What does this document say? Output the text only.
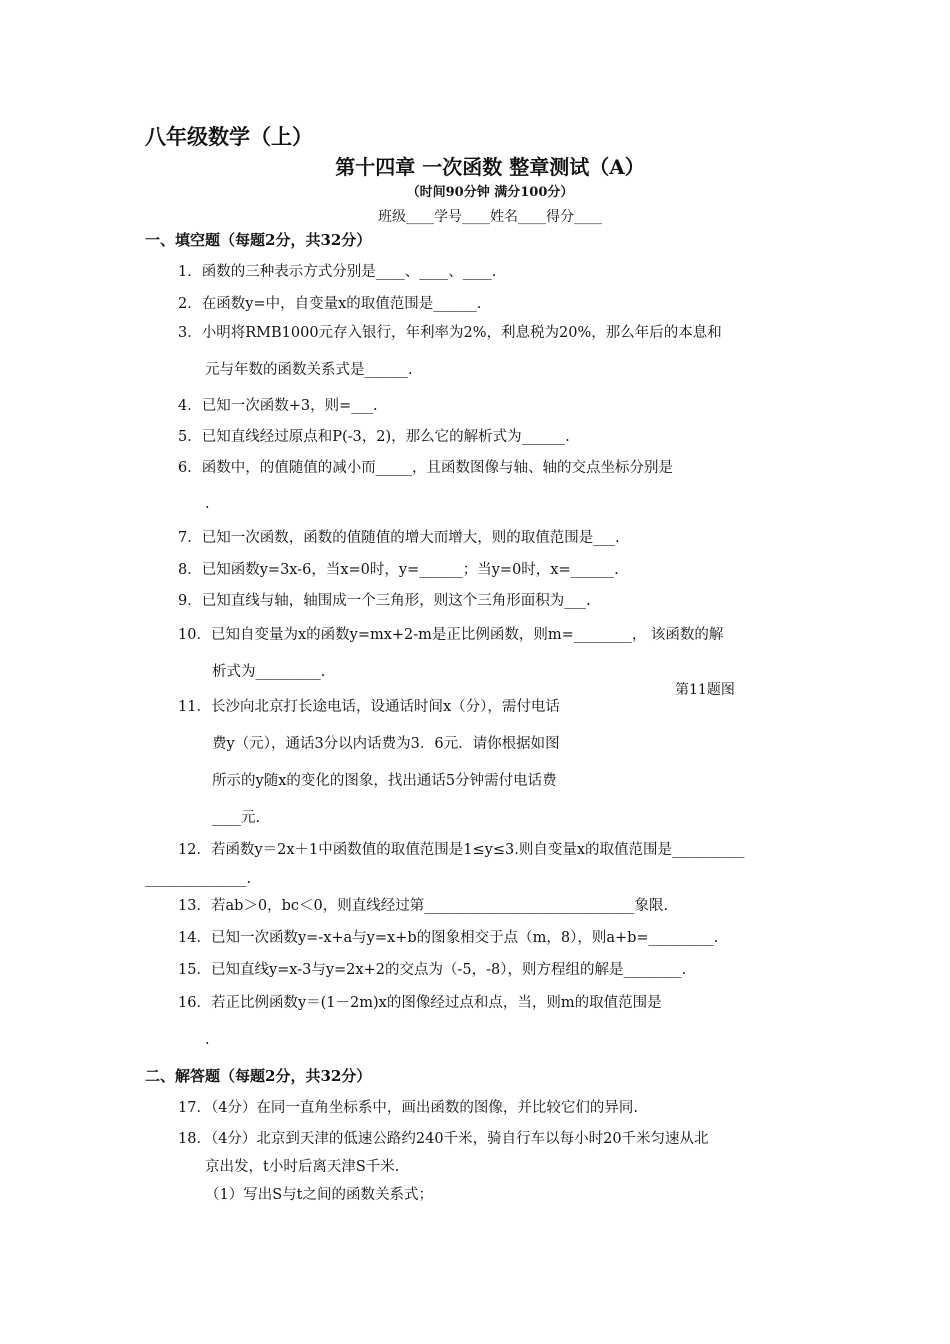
八年级数学（上）
第十四章 一次函数 整章测试（A）
（时间90分钟 满分100分）
班级____学号____姓名____得分____
一、填空题（每题2分，共32分）
1．函数的三种表示方式分别是____、____、____.
2．在函数y=中，自变量x的取值范围是______.
3．小明将RMB1000元存入银行，年利率为2%，利息税为20%，那么年后的本息和
元与年数的函数关系式是______.
4．已知一次函数+3，则=___.
5．已知直线经过原点和P(-3，2)，那么它的解析式为______.
6．函数中，的值随值的减小而_____，且函数图像与轴、轴的交点坐标分别是
.
7．已知一次函数，函数的值随值的增大而增大，则的取值范围是___.
8．已知函数y=3x-6，当x=0时，y=______；当y=0时，x=______.
9．已知直线与轴，轴围成一个三角形，则这个三角形面积为___.
10．已知自变量为x的函数y=mx+2-m是正比例函数，则m=________， 该函数的解
析式为_________.
第11题图
11．长沙向北京打长途电话，设通话时间x（分），需付电话
费y（元），通话3分以内话费为3．6元．请你根据如图
所示的y随x的变化的图象，找出通话5分钟需付电话费
____元.
12．若函数y＝2x＋1中函数值的取值范围是1≤y≤3.则自变量x的取值范围是__________
______________.
13．若ab＞0，bc＜0，则直线经过第_____________________________象限.
14．已知一次函数y=-x+a与y=x+b的图象相交于点（m，8），则a+b=_________.
15．已知直线y=x-3与y=2x+2的交点为（-5，-8），则方程组的解是________.
16．若正比例函数y＝(1－2m)x的图像经过点和点，当，则m的取值范围是
.
二、解答题（每题2分，共32分）
17．（4分）在同一直角坐标系中，画出函数的图像，并比较它们的异同.
18．（4分）北京到天津的低速公路约240千米，骑自行车以每小时20千米匀速从北
京出发，t小时后离天津S千米.
（1）写出S与t之间的函数关系式；
